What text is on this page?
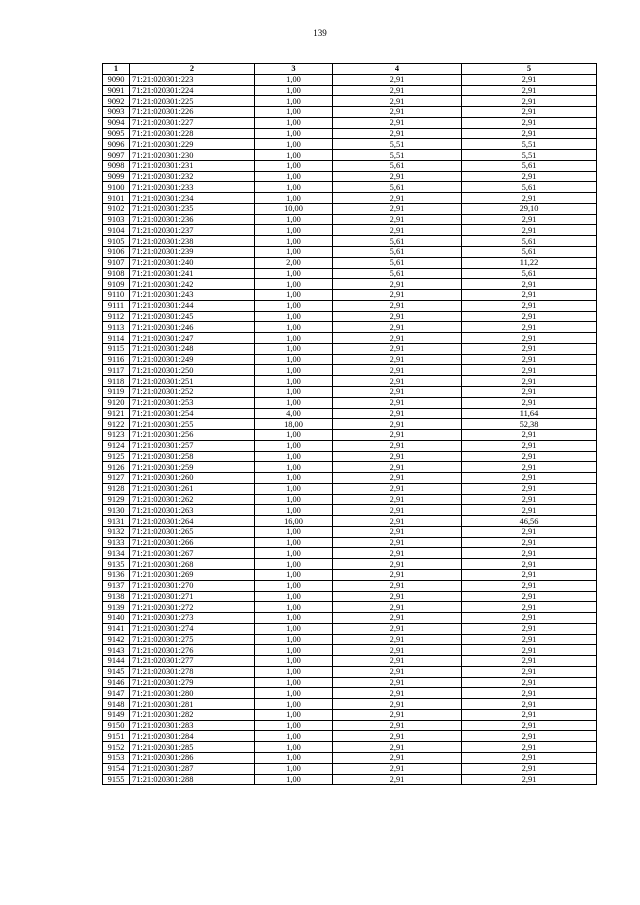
139
1	2	3	4	5
9090	71:21:020301:223	1,00	2,91	2,91
9091	71:21:020301:224	1,00	2,91	2,91
9092	71:21:020301:225	1,00	2,91	2,91
9093	71:21:020301:226	1,00	2,91	2,91
9094	71:21:020301:227	1,00	2,91	2,91
9095	71:21:020301:228	1,00	2,91	2,91
9096	71:21:020301:229	1,00	5,51	5,51
9097	71:21:020301:230	1,00	5,51	5,51
9098	71:21:020301:231	1,00	5,61	5,61
9099	71:21:020301:232	1,00	2,91	2,91
9100	71:21:020301:233	1,00	5,61	5,61
9101	71:21:020301:234	1,00	2,91	2,91
9102	71:21:020301:235	10,00	2,91	29,10
9103	71:21:020301:236	1,00	2,91	2,91
9104	71:21:020301:237	1,00	2,91	2,91
9105	71:21:020301:238	1,00	5,61	5,61
9106	71:21:020301:239	1,00	5,61	5,61
9107	71:21:020301:240	2,00	5,61	11,22
9108	71:21:020301:241	1,00	5,61	5,61
9109	71:21:020301:242	1,00	2,91	2,91
9110	71:21:020301:243	1,00	2,91	2,91
9111	71:21:020301:244	1,00	2,91	2,91
9112	71:21:020301:245	1,00	2,91	2,91
9113	71:21:020301:246	1,00	2,91	2,91
9114	71:21:020301:247	1,00	2,91	2,91
9115	71:21:020301:248	1,00	2,91	2,91
9116	71:21:020301:249	1,00	2,91	2,91
9117	71:21:020301:250	1,00	2,91	2,91
9118	71:21:020301:251	1,00	2,91	2,91
9119	71:21:020301:252	1,00	2,91	2,91
9120	71:21:020301:253	1,00	2,91	2,91
9121	71:21:020301:254	4,00	2,91	11,64
9122	71:21:020301:255	18,00	2,91	52,38
9123	71:21:020301:256	1,00	2,91	2,91
9124	71:21:020301:257	1,00	2,91	2,91
9125	71:21:020301:258	1,00	2,91	2,91
9126	71:21:020301:259	1,00	2,91	2,91
9127	71:21:020301:260	1,00	2,91	2,91
9128	71:21:020301:261	1,00	2,91	2,91
9129	71:21:020301:262	1,00	2,91	2,91
9130	71:21:020301:263	1,00	2,91	2,91
9131	71:21:020301:264	16,00	2,91	46,56
9132	71:21:020301:265	1,00	2,91	2,91
9133	71:21:020301:266	1,00	2,91	2,91
9134	71:21:020301:267	1,00	2,91	2,91
9135	71:21:020301:268	1,00	2,91	2,91
9136	71:21:020301:269	1,00	2,91	2,91
9137	71:21:020301:270	1,00	2,91	2,91
9138	71:21:020301:271	1,00	2,91	2,91
9139	71:21:020301:272	1,00	2,91	2,91
9140	71:21:020301:273	1,00	2,91	2,91
9141	71:21:020301:274	1,00	2,91	2,91
9142	71:21:020301:275	1,00	2,91	2,91
9143	71:21:020301:276	1,00	2,91	2,91
9144	71:21:020301:277	1,00	2,91	2,91
9145	71:21:020301:278	1,00	2,91	2,91
9146	71:21:020301:279	1,00	2,91	2,91
9147	71:21:020301:280	1,00	2,91	2,91
9148	71:21:020301:281	1,00	2,91	2,91
9149	71:21:020301:282	1,00	2,91	2,91
9150	71:21:020301:283	1,00	2,91	2,91
9151	71:21:020301:284	1,00	2,91	2,91
9152	71:21:020301:285	1,00	2,91	2,91
9153	71:21:020301:286	1,00	2,91	2,91
9154	71:21:020301:287	1,00	2,91	2,91
9155	71:21:020301:288	1,00	2,91	2,91
